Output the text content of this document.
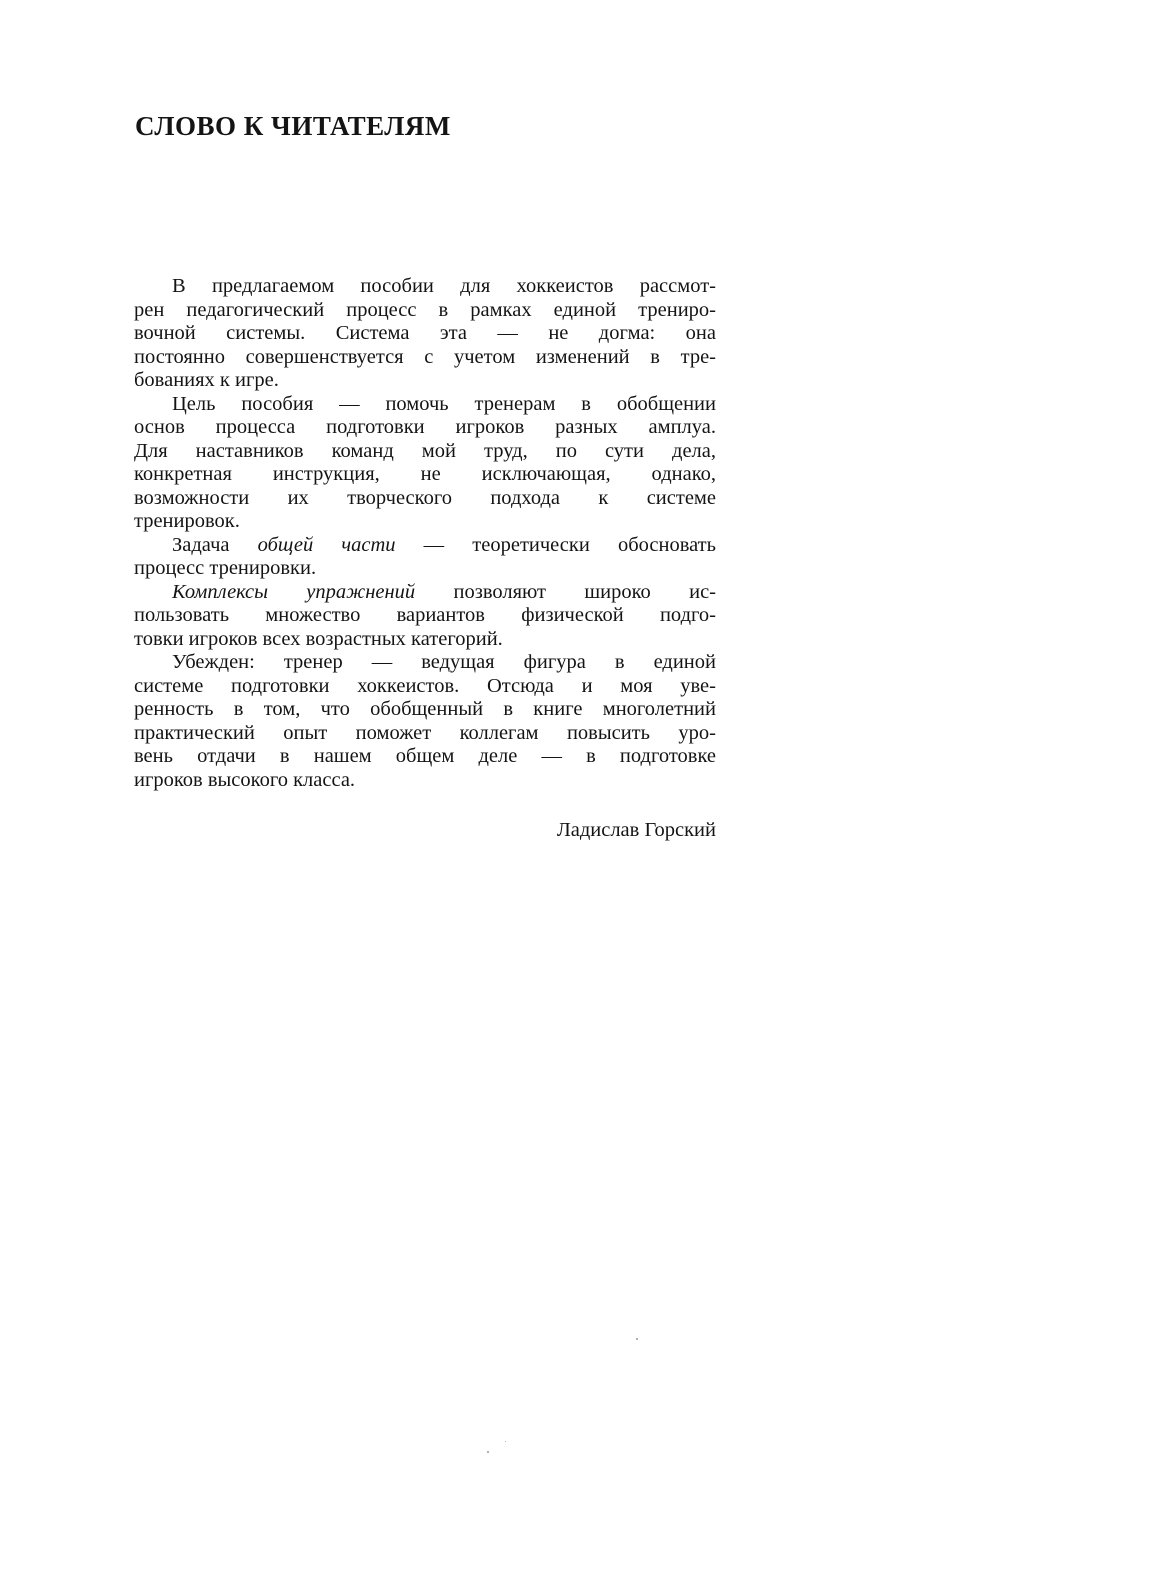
СЛОВО К ЧИТАТЕЛЯМ
В предлагаемом пособии для хоккеистов рассмот-
рен педагогический процесс в рамках единой трениро-
вочной системы. Система эта — не догма: она
постоянно совершенствуется с учетом изменений в тре-
бованиях к игре.
Цель пособия — помочь тренерам в обобщении
основ процесса подготовки игроков разных амплуа.
Для наставников команд мой труд, по сути дела,
конкретная инструкция, не исключающая, однако,
возможности их творческого подхода к системе
тренировок.
Задача общей части — теоретически обосновать
процесс тренировки.
Комплексы упражнений позволяют широко ис-
пользовать множество вариантов физической подго-
товки игроков всех возрастных категорий.
Убежден: тренер — ведущая фигура в единой
системе подготовки хоккеистов. Отсюда и моя уве-
ренность в том, что обобщенный в книге многолетний
практический опыт поможет коллегам повысить уро-
вень отдачи в нашем общем деле — в подготовке
игроков высокого класса.
Ладислав Горский
